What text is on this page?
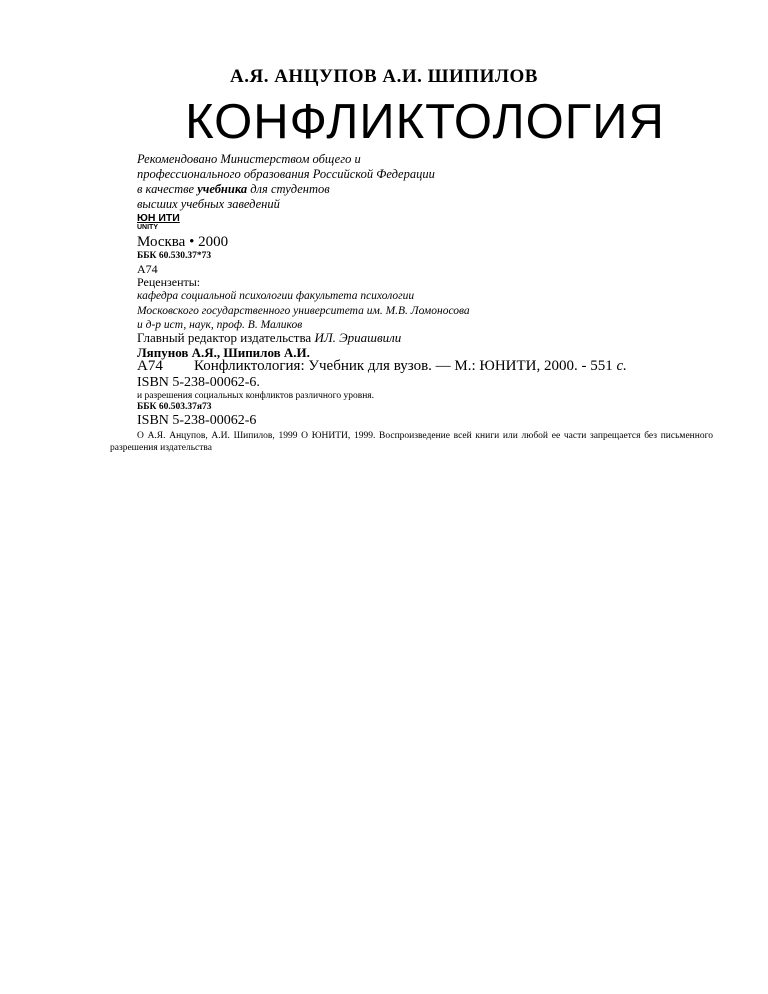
А.Я. АНЦУПОВ А.И. ШИПИЛОВ
КОНФЛИКТОЛОГИЯ
Рекомендовано Министерством общего и
профессионального образования Российской Федерации
в качестве учебника для студентов
высших учебных заведений
ЮН ИТИ
UNITY
Москва • 2000
ББК 60.530.37*73
А74
Рецензенты:
кафедра социальной психологии факультета психологии
Московского государственного университета им. М.В. Ломоносова
и д-р ист, наук, проф. В. Маликов
Главный редактор издательства ИЛ. Эриашвили
Ляпунов А.Я., Шипилов А.И.
А74 Конфликтология: Учебник для вузов. — М.: ЮНИТИ, 2000. - 551 с.
ISBN 5-238-00062-6.
и разрешения социальных конфликтов различного уровня.
ББК 60.503.37я73
ISBN 5-238-00062-6
О А.Я. Анцупов, А.И. Шипилов, 1999 О ЮНИТИ, 1999. Воспроизведение всей книги или любой ее части запрещается без письменного разрешения издательства
